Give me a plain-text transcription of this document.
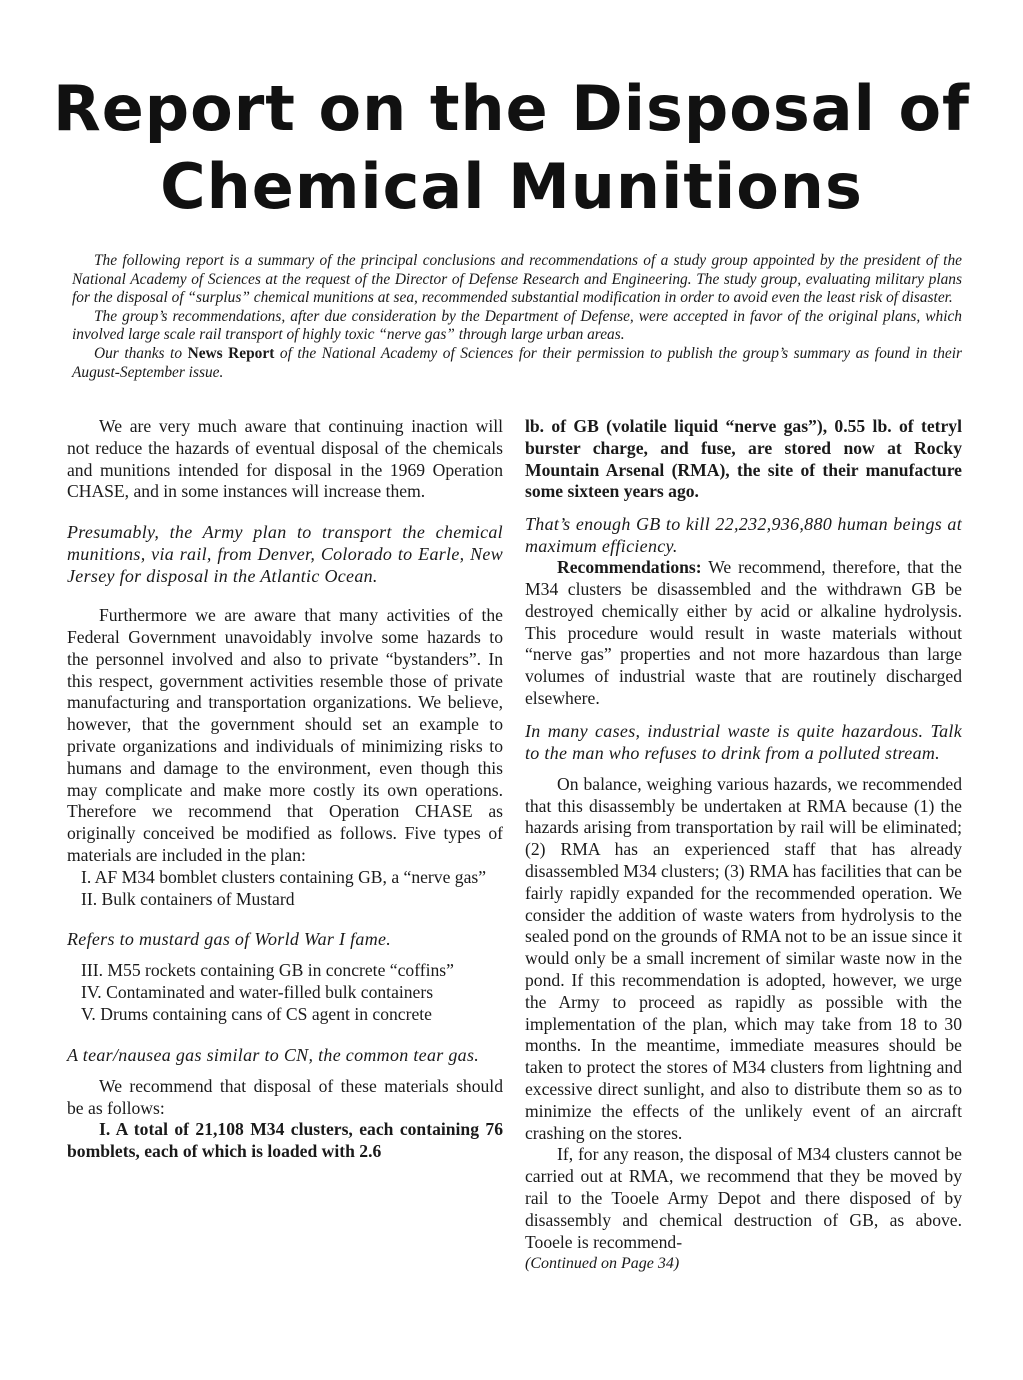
Report on the Disposal of
Chemical Munitions

The following report is a summary of the principal conclusions and recommendations of a study group appointed by the president of the National Academy of Sciences at the request of the Director of Defense Research and Engineering. The study group, evaluating military plans for the disposal of “surplus” chemical munitions at sea, recommended substantial modification in order to avoid even the least risk of disaster.

The group’s recommendations, after due consideration by the Department of Defense, were accepted in favor of the original plans, which involved large scale rail transport of highly toxic “nerve gas” through large urban areas.

Our thanks to News Report of the National Academy of Sciences for their permission to publish the group’s summary as found in their August-September issue.

We are very much aware that continuing inaction will not reduce the hazards of eventual disposal of the chemicals and munitions intended for disposal in the 1969 Operation CHASE, and in some instances will increase them.

Presumably, the Army plan to transport the chemical munitions, via rail, from Denver, Colorado to Earle, New Jersey for disposal in the Atlantic Ocean.

Furthermore we are aware that many activities of the Federal Government unavoidably involve some hazards to the personnel involved and also to private “bystanders”. In this respect, government activities resemble those of private manufacturing and transportation organizations. We believe, however, that the government should set an example to private organizations and individuals of minimizing risks to humans and damage to the environment, even though this may complicate and make more costly its own operations. Therefore we recommend that Operation CHASE as originally conceived be modified as follows. Five types of materials are included in the plan:

I. AF M34 bomblet clusters containing GB, a “nerve gas”

II. Bulk containers of Mustard

Refers to mustard gas of World War I fame.

III. M55 rockets containing GB in concrete “coffins”

IV. Contaminated and water-filled bulk containers

V. Drums containing cans of CS agent in concrete

A tear/nausea gas similar to CN, the common tear gas.

We recommend that disposal of these materials should be as follows:

I. A total of 21,108 M34 clusters, each containing 76 bomblets, each of which is loaded with 2.6

lb. of GB (volatile liquid “nerve gas”), 0.55 lb. of tetryl burster charge, and fuse, are stored now at Rocky Mountain Arsenal (RMA), the site of their manufacture some sixteen years ago.

That’s enough GB to kill 22,232,936,880 human beings at maximum efficiency.

Recommendations: We recommend, therefore, that the M34 clusters be disassembled and the withdrawn GB be destroyed chemically either by acid or alkaline hydrolysis. This procedure would result in waste materials without “nerve gas” properties and not more hazardous than large volumes of industrial waste that are routinely discharged elsewhere.

In many cases, industrial waste is quite hazardous. Talk to the man who refuses to drink from a polluted stream.

On balance, weighing various hazards, we recommended that this disassembly be undertaken at RMA because (1) the hazards arising from transportation by rail will be eliminated; (2) RMA has an experienced staff that has already disassembled M34 clusters; (3) RMA has facilities that can be fairly rapidly expanded for the recommended operation. We consider the addition of waste waters from hydrolysis to the sealed pond on the grounds of RMA not to be an issue since it would only be a small increment of similar waste now in the pond. If this recommendation is adopted, however, we urge the Army to proceed as rapidly as possible with the implementation of the plan, which may take from 18 to 30 months. In the meantime, immediate measures should be taken to protect the stores of M34 clusters from lightning and excessive direct sunlight, and also to distribute them so as to minimize the effects of the unlikely event of an aircraft crashing on the stores.

If, for any reason, the disposal of M34 clusters cannot be carried out at RMA, we recommend that they be moved by rail to the Tooele Army Depot and there disposed of by disassembly and chemical destruction of GB, as above. Tooele is recommend-

(Continued on Page 34)
